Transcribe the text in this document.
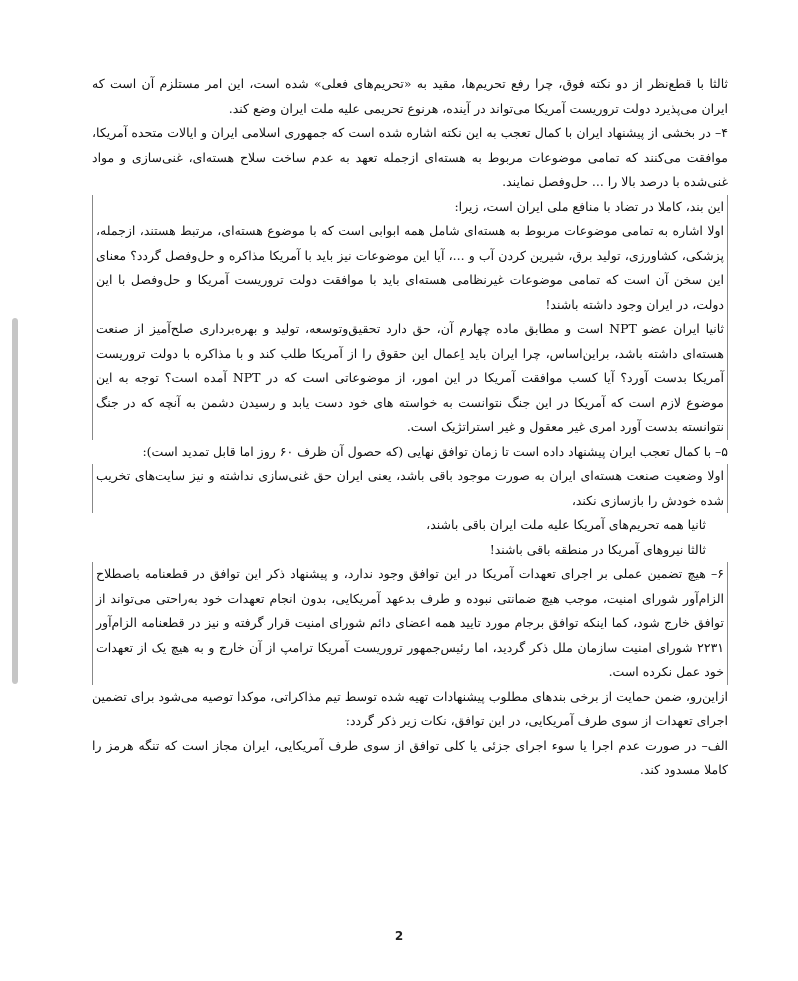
ثالثا با قطع‌نظر از دو نکته فوق، چرا رفع تحریم‌ها، مقید به «تحریم‌های فعلی» شده است، این امر مستلزم آن است که ایران می‌پذیرد دولت تروریست آمریکا می‌تواند در آینده، هرنوع تحریمی علیه ملت ایران وضع کند.

۴– در بخشی از پیشنهاد ایران با کمال تعجب به این نکته اشاره شده است که جمهوری اسلامی ایران و ایالات متحده آمریکا، موافقت می‌کنند که تمامی موضوعات مربوط به هسته‌ای ازجمله تعهد به عدم ساخت سلاح هسته‌ای، غنی‌سازی و مواد غنی‌شده با درصد بالا را ... حل‌وفصل نمایند.

این بند، کاملا در تضاد با منافع ملی ایران است، زیرا:

اولا اشاره به تمامی موضوعات مربوط به هسته‌ای شامل همه ابوابی است که با موضوع هسته‌ای، مرتبط هستند، ازجمله، پزشکی، کشاورزی، تولید برق، شیرین کردن آب و ...، آیا این موضوعات نیز باید با آمریکا مذاکره و حل‌وفصل گردد؟ معنای این سخن آن است که تمامی موضوعات غیرنظامی هسته‌ای باید با موافقت دولت تروریست آمریکا و حل‌وفصل با این دولت، در ایران وجود داشته باشند!

ثانیا ایران عضو NPT است و مطابق ماده چهارم آن، حق دارد تحقیق‌وتوسعه، تولید و بهره‌برداری صلح‌آمیز از صنعت هسته‌ای داشته باشد، براین‌اساس، چرا ایران باید اِعمال این حقوق را از آمریکا طلب کند و با مذاکره با دولت تروریست آمریکا بدست آورد؟ آیا کسب موافقت آمریکا در این امور، از موضوعاتی است که در NPT آمده است؟ توجه به این موضوع لازم است که آمریکا در این جنگ نتوانست به خواسته های خود دست یابد و رسیدن دشمن به آنچه که در جنگ نتوانسته بدست آورد امری غیر معقول و غیر استراتژیک است.

۵– با کمال تعجب ایران پیشنهاد داده است تا زمان توافق نهایی (که حصول آن ظرف ۶۰ روز اما قابل تمدید است):

اولا وضعیت صنعت هسته‌ای ایران به صورت موجود باقی باشد، یعنی ایران حق غنی‌سازی نداشته و نیز سایت‌های تخریب شده خودش را بازسازی نکند،

ثانیا همه تحریم‌های آمریکا علیه ملت ایران باقی باشند،

ثالثا نیروهای آمریکا در منطقه باقی باشند!

۶– هیچ تضمین عملی بر اجرای تعهدات آمریکا در این توافق وجود ندارد، و پیشنهاد ذکر این توافق در قطعنامه باصطلاح الزام‌آور شورای امنیت، موجب هیچ ضمانتی نبوده و طرف بدعهد آمریکایی، بدون انجام تعهدات خود به‌راحتی می‌تواند از توافق خارج شود، کما اینکه توافق برجام مورد تایید همه اعضای دائم شورای امنیت قرار گرفته و نیز در قطعنامه الزام‌آور ۲۲۳۱ شورای امنیت سازمان ملل ذکر گردید، اما رئیس‌جمهور تروریست آمریکا ترامپ از آن خارج و به هیچ یک از تعهدات خود عمل نکرده است.

ازاین‌رو، ضمن حمایت از برخی بندهای مطلوب پیشنهادات تهیه شده توسط تیم مذاکراتی، موکدا توصیه می‌شود برای تضمین اجرای تعهدات از سوی طرف آمریکایی، در این توافق، نکات زیر ذکر گردد:

الف– در صورت عدم اجرا یا سوء اجرای جزئی یا کلی توافق از سوی طرف آمریکایی، ایران مجاز است که تنگه هرمز را کاملا مسدود کند.

2
